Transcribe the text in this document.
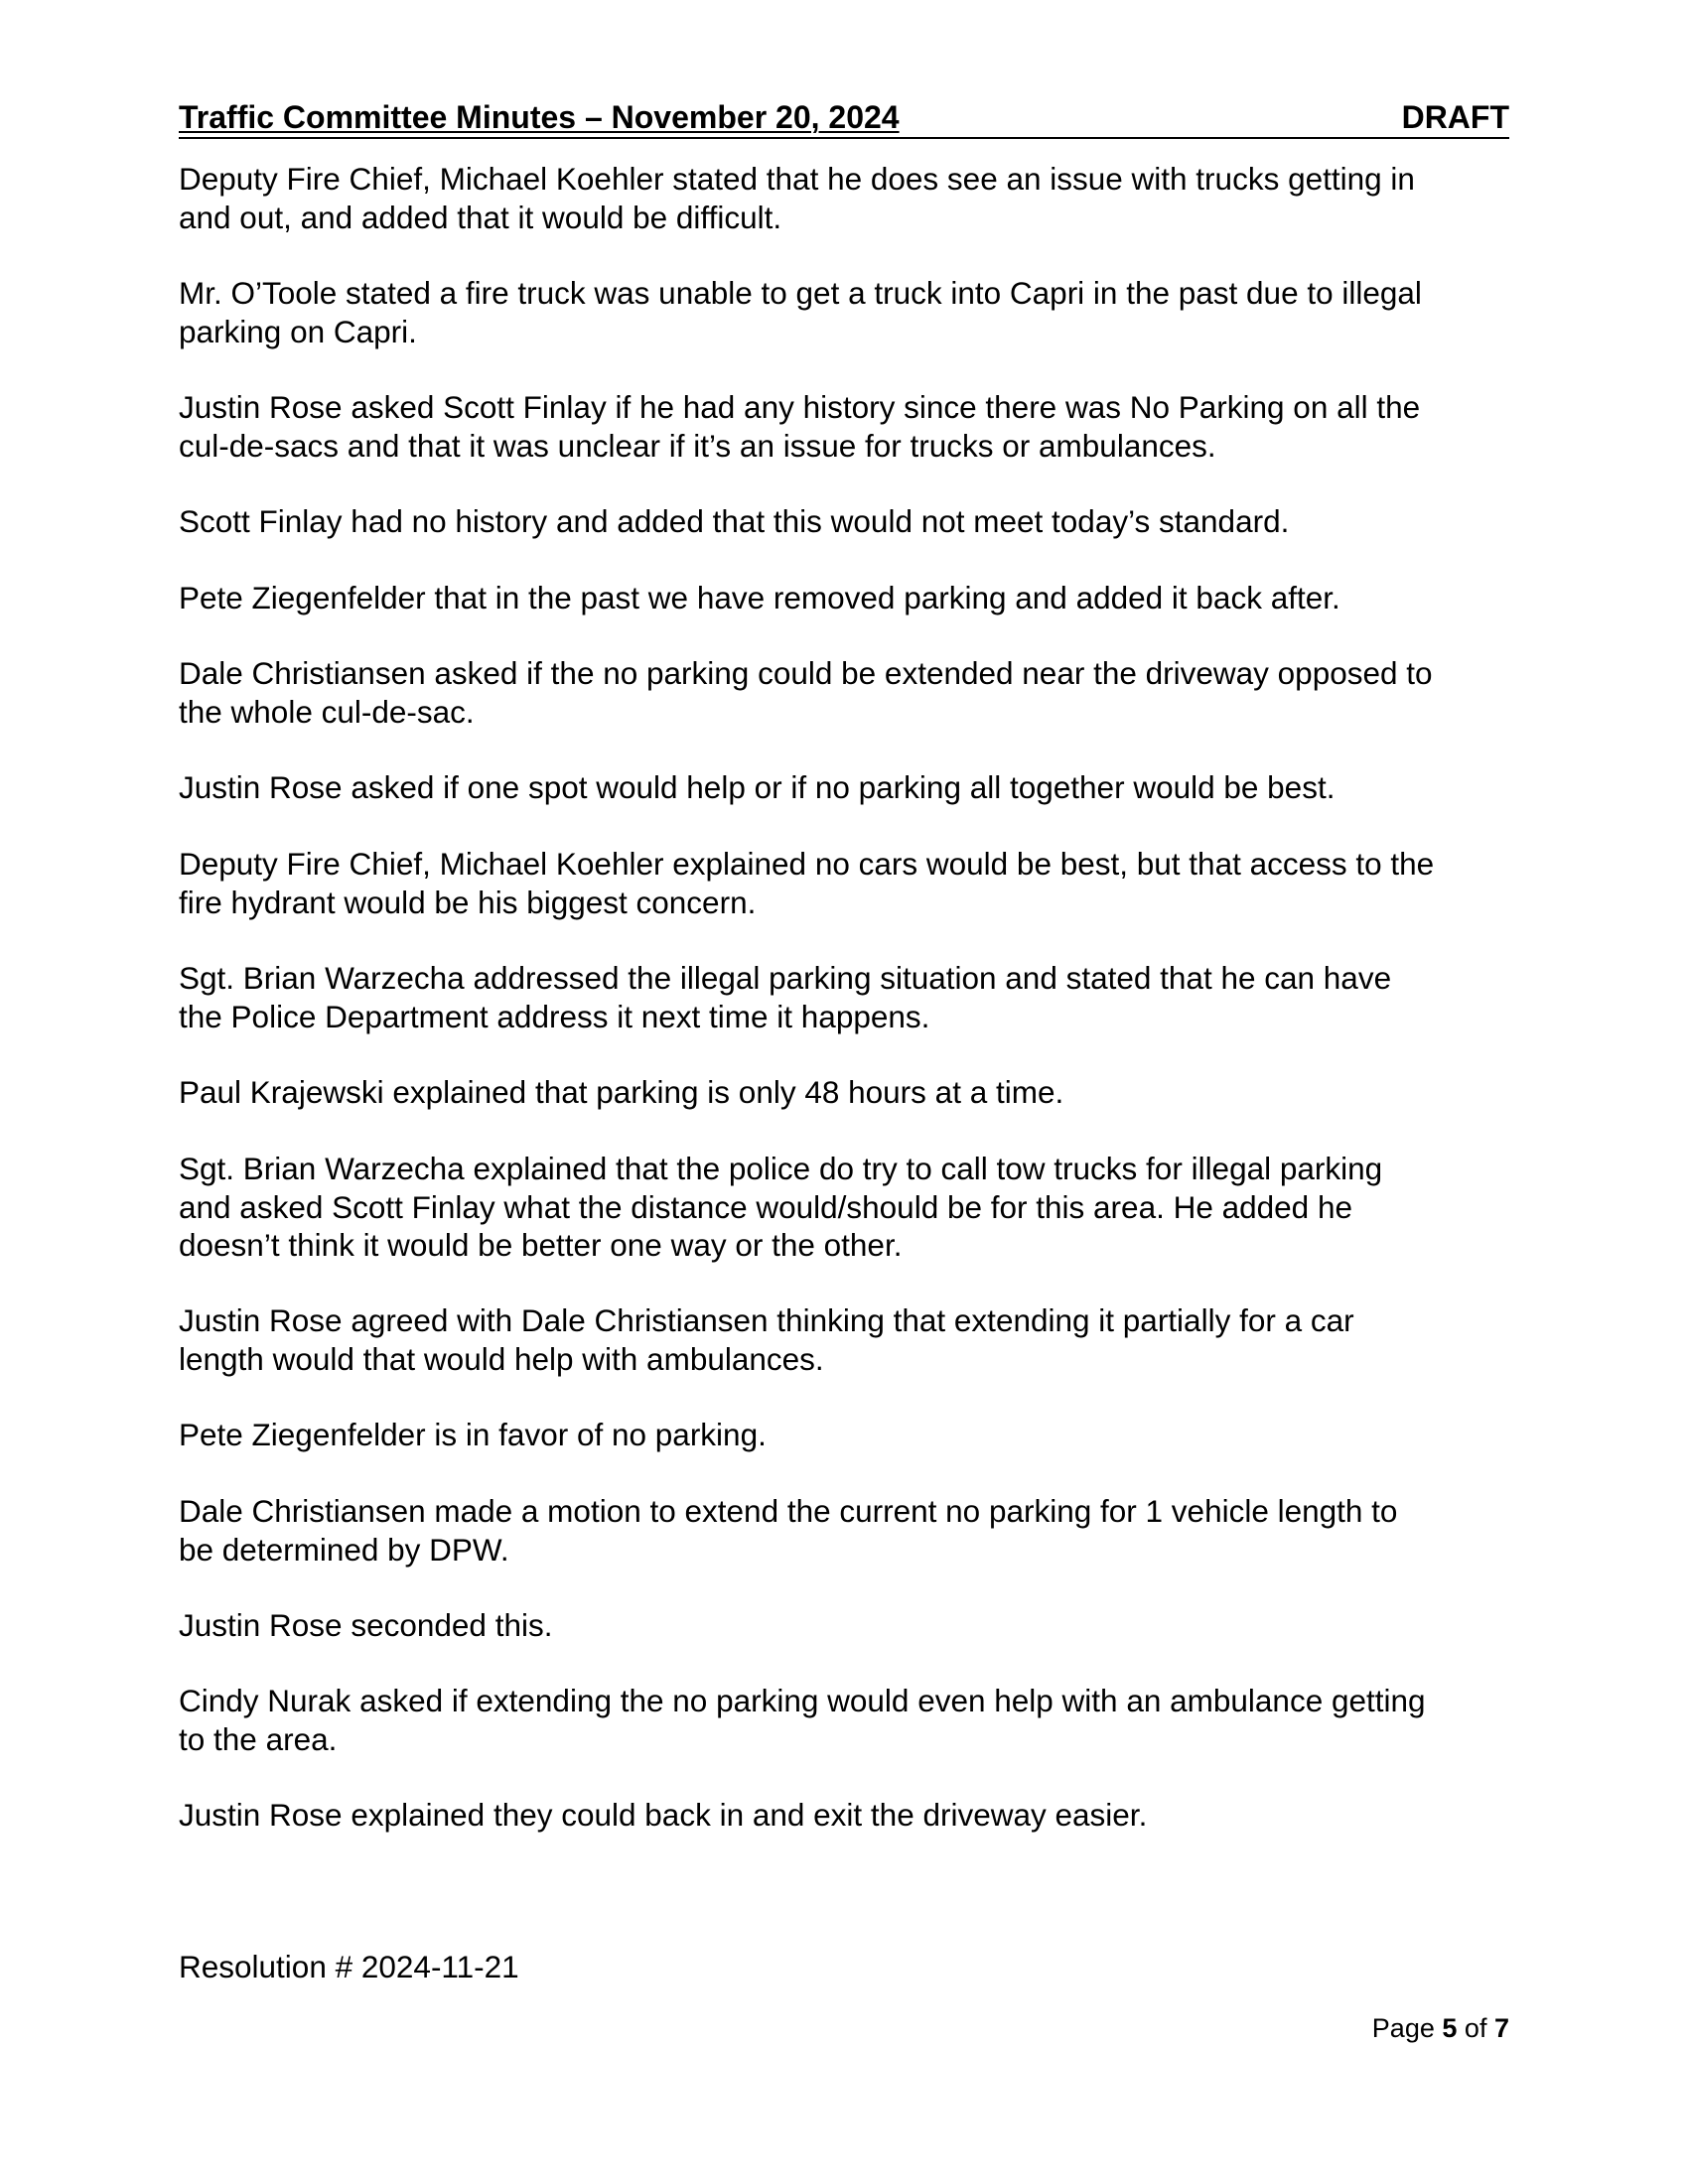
Traffic Committee Minutes – November 20, 2024	DRAFT

Deputy Fire Chief, Michael Koehler stated that he does see an issue with trucks getting in
and out, and added that it would be difficult.

Mr. O’Toole stated a fire truck was unable to get a truck into Capri in the past due to illegal
parking on Capri.

Justin Rose asked Scott Finlay if he had any history since there was No Parking on all the
cul-de-sacs and that it was unclear if it’s an issue for trucks or ambulances.

Scott Finlay had no history and added that this would not meet today’s standard.

Pete Ziegenfelder that in the past we have removed parking and added it back after.

Dale Christiansen asked if the no parking could be extended near the driveway opposed to
the whole cul-de-sac.

Justin Rose asked if one spot would help or if no parking all together would be best.

Deputy Fire Chief, Michael Koehler explained no cars would be best, but that access to the
fire hydrant would be his biggest concern.

Sgt. Brian Warzecha addressed the illegal parking situation and stated that he can have
the Police Department address it next time it happens.

Paul Krajewski explained that parking is only 48 hours at a time.

Sgt. Brian Warzecha explained that the police do try to call tow trucks for illegal parking
and asked Scott Finlay what the distance would/should be for this area. He added he
doesn’t think it would be better one way or the other.

Justin Rose agreed with Dale Christiansen thinking that extending it partially for a car
length would that would help with ambulances.

Pete Ziegenfelder is in favor of no parking.

Dale Christiansen made a motion to extend the current no parking for 1 vehicle length to
be determined by DPW.

Justin Rose seconded this.

Cindy Nurak asked if extending the no parking would even help with an ambulance getting
to the area.

Justin Rose explained they could back in and exit the driveway easier.

Resolution # 2024-11-21

Page 5 of 7
